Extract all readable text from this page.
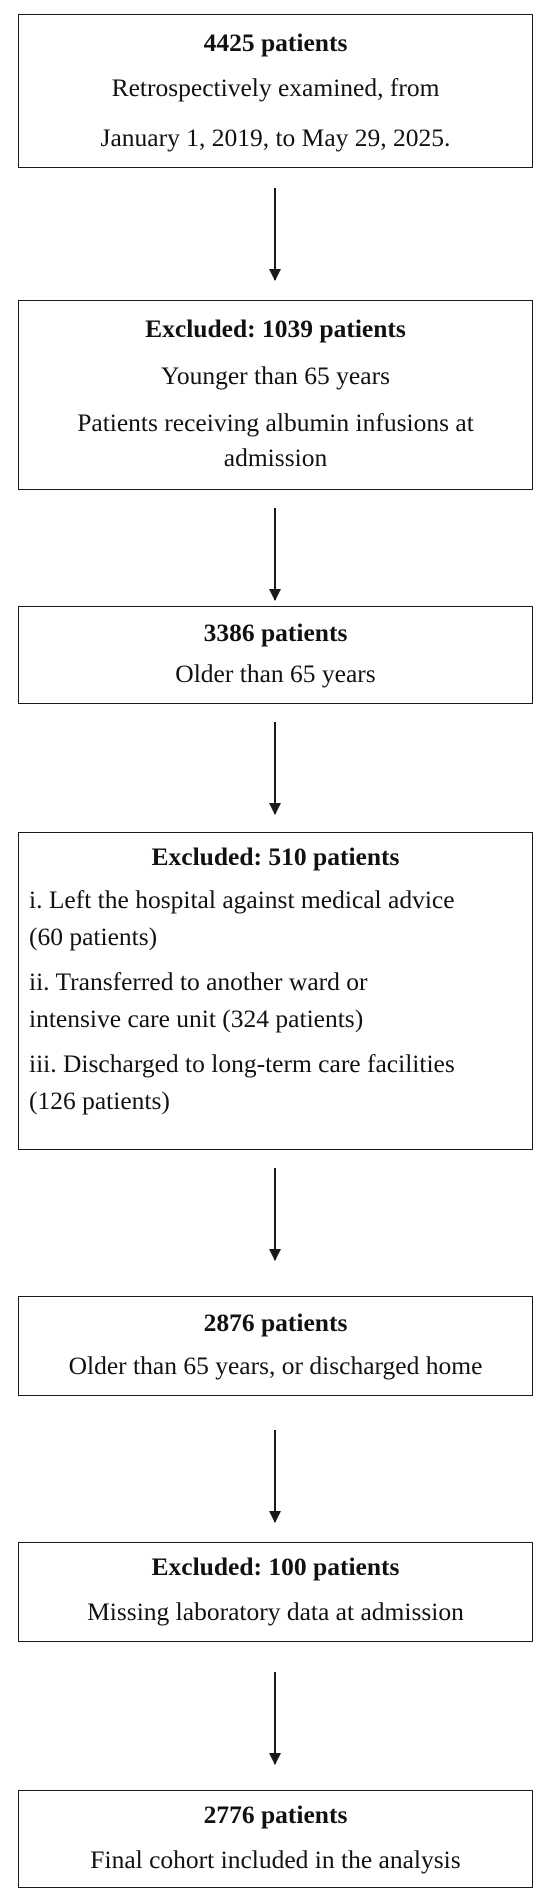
4425 patients

Retrospectively examined, from

January 1, 2019, to May 29, 2025.

Excluded: 1039 patients

Younger than 65 years

Patients receiving albumin infusions at

admission

3386 patients

Older than 65 years

Excluded: 510 patients

i. Left the hospital against medical advice

(60 patients)

ii. Transferred to another ward or

intensive care unit (324 patients)

iii. Discharged to long-term care facilities

(126 patients)

2876 patients

Older than 65 years, or discharged home

Excluded: 100 patients

Missing laboratory data at admission

2776 patients

Final cohort included in the analysis
